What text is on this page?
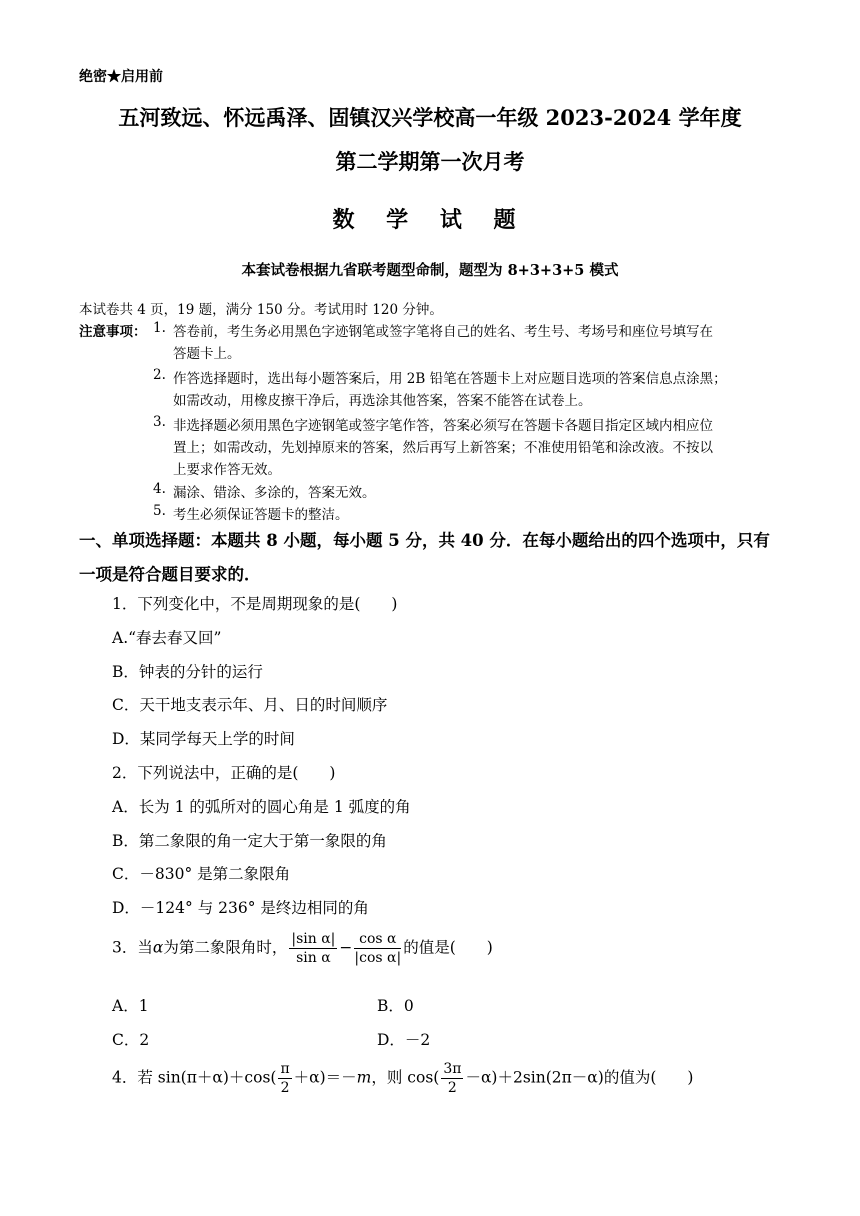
绝密★启用前
五河致远、怀远禹泽、固镇汉兴学校高一年级 2023-2024 学年度
第二学期第一次月考
数 学 试 题
本套试卷根据九省联考题型命制，题型为 8+3+3+5 模式
本试卷共 4 页，19 题，满分 150 分。考试用时 120 分钟。
注意事项： 1. 答卷前，考生务必用黑色字迹钢笔或签字笔将自己的姓名、考生号、考场号和座位号填写在
答题卡上。
2. 作答选择题时，选出每小题答案后，用 2B 铅笔在答题卡上对应题目选项的答案信息点涂黑；
如需改动，用橡皮擦干净后，再选涂其他答案，答案不能答在试卷上。
3. 非选择题必须用黑色字迹钢笔或签字笔作答，答案必须写在答题卡各题目指定区域内相应位
置上；如需改动，先划掉原来的答案，然后再写上新答案；不准使用铅笔和涂改液。不按以
上要求作答无效。
4. 漏涂、错涂、多涂的，答案无效。
5. 考生必须保证答题卡的整洁。
一、单项选择题：本题共 8 小题，每小题 5 分，共 40 分．在每小题给出的四个选项中，只有
一项是符合题目要求的．
1．下列变化中，不是周期现象的是(　　)
A.“春去春又回”
B．钟表的分针的运行
C．天干地支表示年、月、日的时间顺序
D．某同学每天上学的时间
2．下列说法中，正确的是(　　)
A．长为 1 的弧所对的圆心角是 1 弧度的角
B．第二象限的角一定大于第一象限的角
C．－830° 是第二象限角
D．－124° 与 236° 是终边相同的角
3．当α为第二象限角时， $\frac{\text{|sin α|}}{\text{sin α}} - \frac{\text{cos α}}{\text{|cos α|}}$ 的值是(　　)
A．1	B．0
C．2	D．－2
4．若 $\sin(\pi+\alpha)+\cos( \frac{\pi}{2} +\alpha)=-m$，则 $\cos( \frac{3\pi}{2} -\alpha)+2\sin(2\pi-\alpha)$的值为(　　)
